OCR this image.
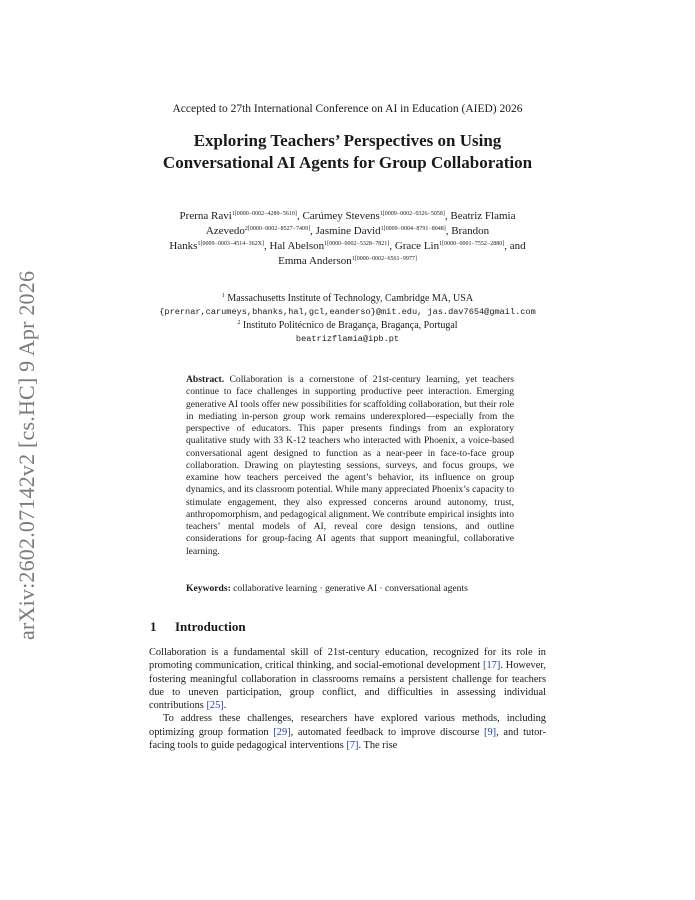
arXiv:2602.07142v2 [cs.HC] 9 Apr 2026
Accepted to 27th International Conference on AI in Education (AIED) 2026
Exploring Teachers’ Perspectives on Using Conversational AI Agents for Group Collaboration
Prerna Ravi$^{1[0000-0002-4289-5610]}$, Carúmey Stevens$^{1[0009-0002-0326-5058]}$, Beatriz Flamia Azevedo$^{2[0000-0002-8527-7409]}$, Jasmine David$^{1[0009-0004-8791-8048]}$, Brandon Hanks$^{1[0009-0003-4514-362X]}$, Hal Abelson$^{1[0000-0002-5328-7821]}$, Grace Lin$^{1[0000-0001-7552-2880]}$, and Emma Anderson$^{1[0000-0002-6561-9977]}$
$^1$ Massachusetts Institute of Technology, Cambridge MA, USA
{prernar,carumeys,bhanks,hal,gcl,eanderso}@mit.edu, jas.dav7654@gmail.com
$^2$ Instituto Politécnico de Bragança, Bragança, Portugal
beatrizflamia@ipb.pt
Abstract. Collaboration is a cornerstone of 21st-century learning, yet teachers continue to face challenges in supporting productive peer interaction. Emerging generative AI tools offer new possibilities for scaffolding collaboration, but their role in mediating in-person group work remains underexplored—especially from the perspective of educators. This paper presents findings from an exploratory qualitative study with 33 K-12 teachers who interacted with Phoenix, a voice-based conversational agent designed to function as a near-peer in face-to-face group collaboration. Drawing on playtesting sessions, surveys, and focus groups, we examine how teachers perceived the agent’s behavior, its influence on group dynamics, and its classroom potential. While many appreciated Phoenix’s capacity to stimulate engagement, they also expressed concerns around autonomy, trust, anthropomorphism, and pedagogical alignment. We contribute empirical insights into teachers’ mental models of AI, reveal core design tensions, and outline considerations for group-facing AI agents that support meaningful, collaborative learning.
Keywords: collaborative learning · generative AI · conversational agents
1 Introduction

Collaboration is a fundamental skill of 21st-century education, recognized for its role in promoting communication, critical thinking, and social-emotional development [17]. However, fostering meaningful collaboration in classrooms remains a persistent challenge for teachers due to uneven participation, group conflict, and difficulties in assessing individual contributions [25].

To address these challenges, researchers have explored various methods, including optimizing group formation [29], automated feedback to improve discourse [9], and tutor-facing tools to guide pedagogical interventions [7]. The rise
